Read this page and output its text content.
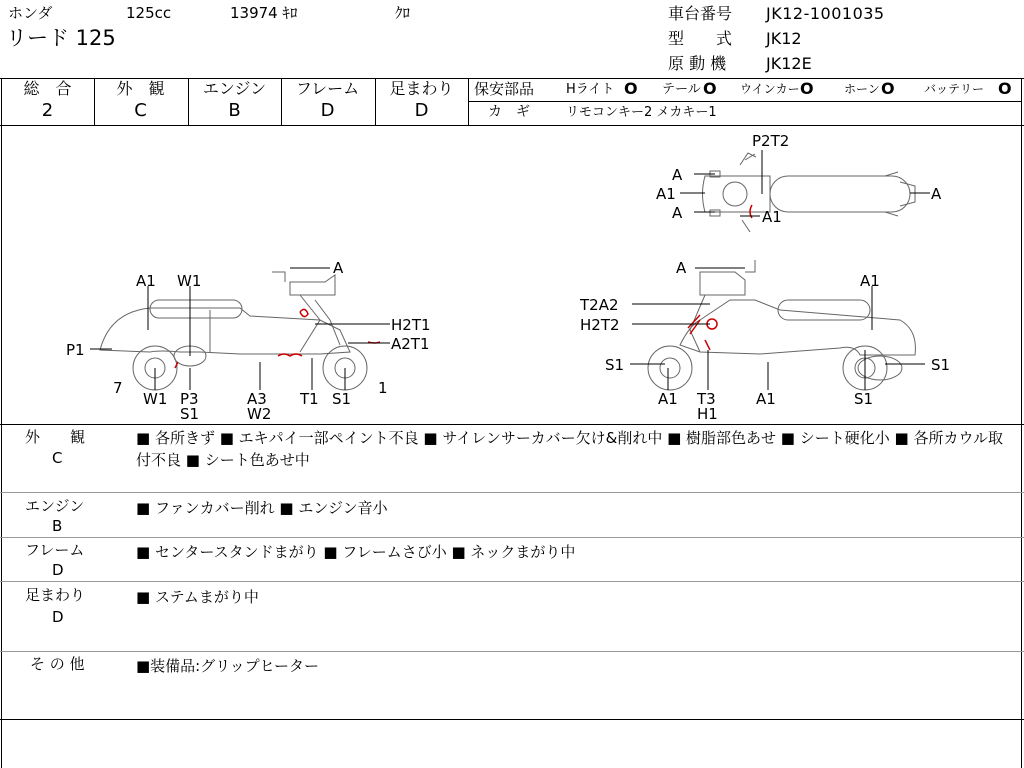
ホンダ	125cc	13974 ｷﾛ	ｸﾛ
リード 125
車台番号 JK12-1001035
型　　式 JK12
原 動 機 JK12E
総　合
2
外　観
C
エンジン
B
フレーム
D
足まわり
D
保安部品 Hライト O テール O ウインカー O	ホーン O バッテリー O
カ　ギ	リモコンキー2 メカキー1
P2T2
A
A1
A	A1
A
A1 W1
A
P1
H2T1
A2T1
7
W1 P3
S1
A3
W2
T1 S1
1
A
A1
T2A2
H2T2
S1	S1
A1 T3
H1
A1	S1
外　　観
C
■ 各所きず ■ エキパイ一部ペイント不良 ■ サイレンサーカバー欠け&削れ中 ■ 樹脂部色あせ ■ シート硬化小 ■ 各所カウル取付不良 ■ シート色あせ中
エンジン
B
■ ファンカバー削れ ■ エンジン音小
フレーム
D
■ センタースタンドまがり ■ フレームさび小 ■ ネックまがり中
足まわり
D
■ ステムまがり中
そ の 他	■装備品:グリップヒーター
